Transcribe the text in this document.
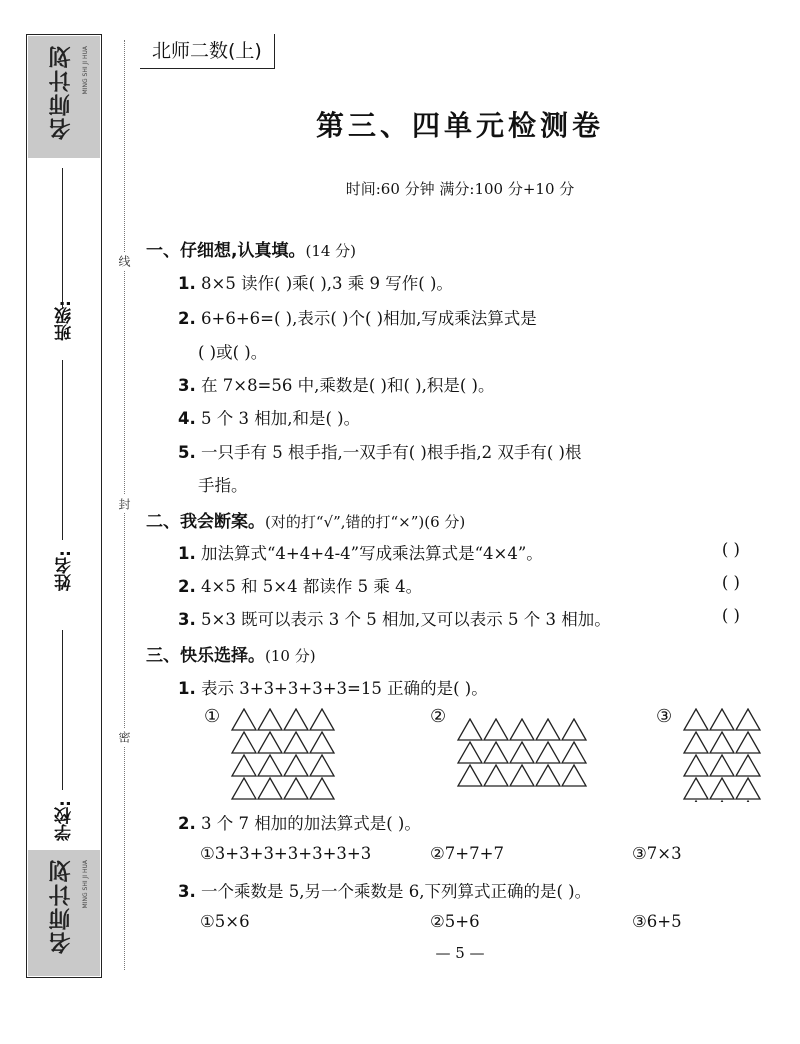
名师计划	MING SHI JI HUA
名师计划	MING SHI JI HUA
班级:
姓名:
学校:
线
封
密
北师二数(上)
第三、四单元检测卷
时间:60 分钟 满分:100 分+10 分
一、仔细想,认真填。(14 分)
1. 8×5 读作( )乘( ),3 乘 9 写作( )。
2. 6+6+6=( ),表示( )个( )相加,写成乘法算式是
( )或( )。
3. 在 7×8=56 中,乘数是( )和( ),积是( )。
4. 5 个 3 相加,和是( )。
5. 一只手有 5 根手指,一双手有( )根手指,2 双手有( )根
手指。
二、我会断案。(对的打“√”,错的打“×”)(6 分)
1. 加法算式“4+4+4-4”写成乘法算式是“4×4”。	( )
2. 4×5 和 5×4 都读作 5 乘 4。	( )
3. 5×3 既可以表示 3 个 5 相加,又可以表示 5 个 3 相加。	( )
三、快乐选择。(10 分)
1. 表示 3+3+3+3+3=15 正确的是( )。
①	②	③
2. 3 个 7 相加的加法算式是( )。
①3+3+3+3+3+3+3	②7+7+7	③7×3
3. 一个乘数是 5,另一个乘数是 6,下列算式正确的是( )。
①5×6	②5+6	③6+5
— 5 —
